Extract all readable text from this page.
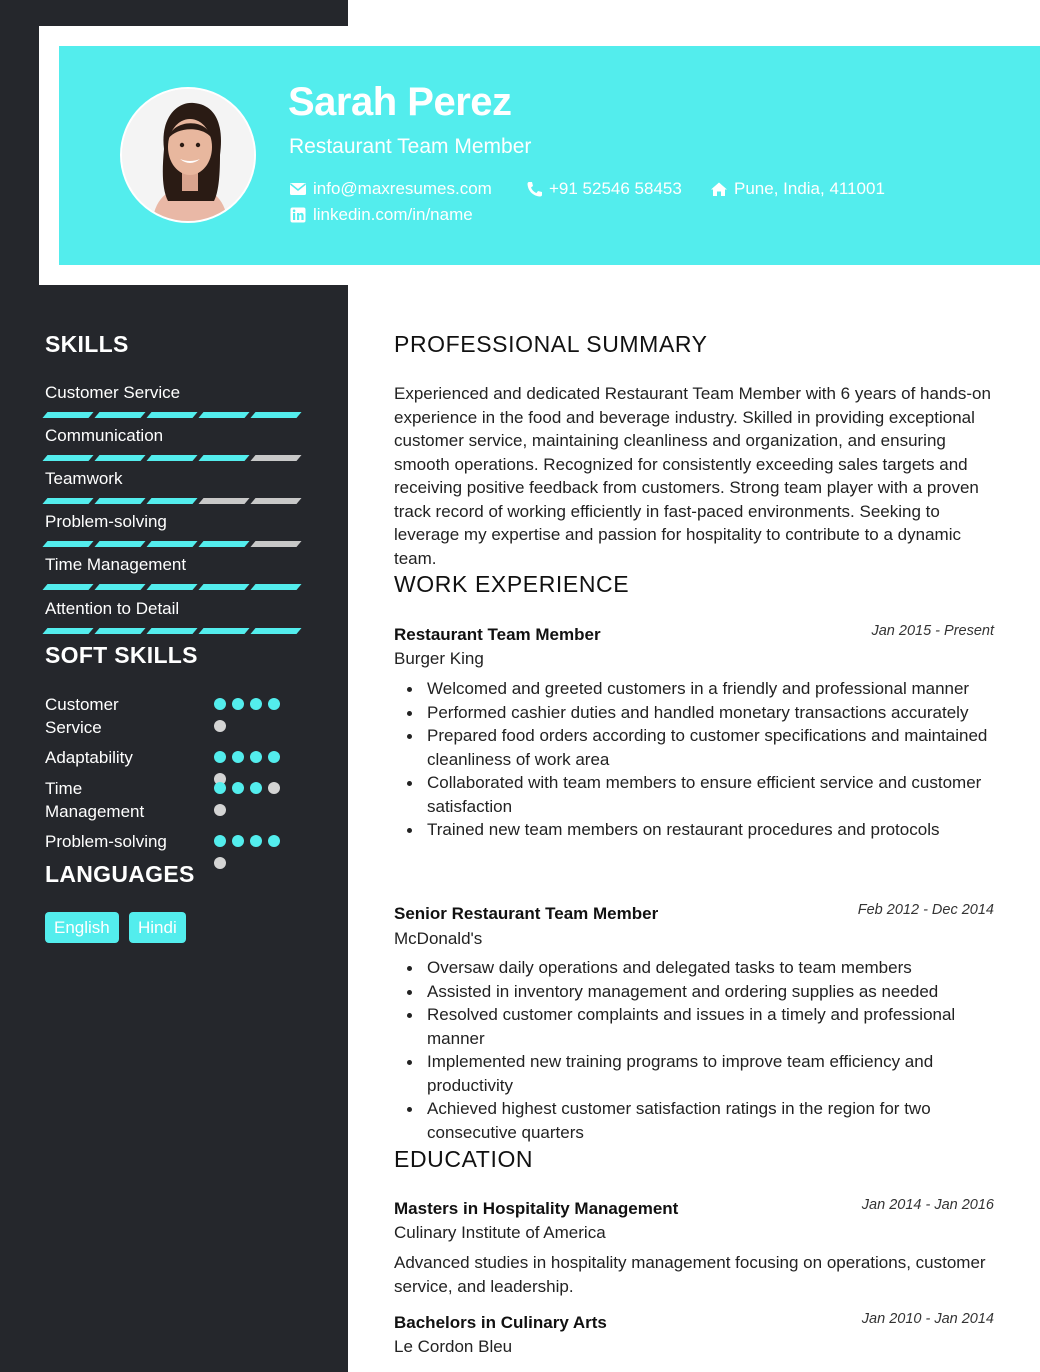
Sarah Perez
Restaurant Team Member
info@maxresumes.com	+91 52546 58453	Pune, India, 411001
linkedin.com/in/name
SKILLS
Customer Service
Communication
Teamwork
Problem-solving
Time Management
Attention to Detail
SOFT SKILLS
Customer Service
Adaptability
Time Management
Problem-solving
LANGUAGES
English	Hindi
PROFESSIONAL SUMMARY
Experienced and dedicated Restaurant Team Member with 6 years of hands-on experience in the food and beverage industry. Skilled in providing exceptional customer service, maintaining cleanliness and organization, and ensuring smooth operations. Recognized for consistently exceeding sales targets and receiving positive feedback from customers. Strong team player with a proven track record of working efficiently in fast-paced environments. Seeking to leverage my expertise and passion for hospitality to contribute to a dynamic team.
WORK EXPERIENCE
Restaurant Team Member	Jan 2015 - Present
Burger King
Welcomed and greeted customers in a friendly and professional manner
Performed cashier duties and handled monetary transactions accurately
Prepared food orders according to customer specifications and maintained cleanliness of work area
Collaborated with team members to ensure efficient service and customer satisfaction
Trained new team members on restaurant procedures and protocols
Senior Restaurant Team Member	Feb 2012 - Dec 2014
McDonald's
Oversaw daily operations and delegated tasks to team members
Assisted in inventory management and ordering supplies as needed
Resolved customer complaints and issues in a timely and professional manner
Implemented new training programs to improve team efficiency and productivity
Achieved highest customer satisfaction ratings in the region for two consecutive quarters
EDUCATION
Masters in Hospitality Management	Jan 2014 - Jan 2016
Culinary Institute of America
Advanced studies in hospitality management focusing on operations, customer service, and leadership.
Bachelors in Culinary Arts	Jan 2010 - Jan 2014
Le Cordon Bleu
